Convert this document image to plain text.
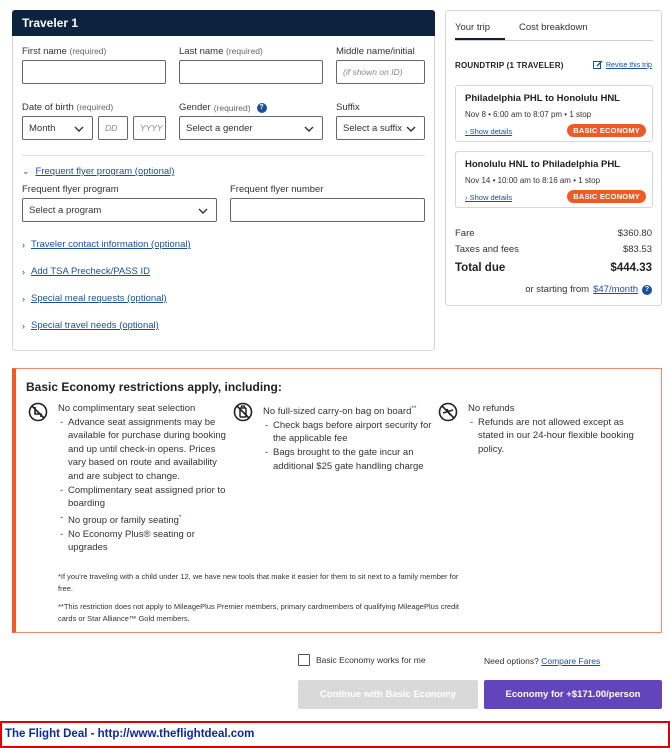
Traveler 1
First name (required)	Last name (required)	Middle name/initial
(if shown on ID)
Date of birth (required)	Gender (required)	?	Suffix
Month	DD	YYYY Select a gender	Select a suffix
⌄ Frequent flyer program (optional)
Frequent flyer program	Frequent flyer number
Select a program
› Traveler contact information (optional)
› Add TSA Precheck/PASS ID
› Special meal requests (optional)
› Special travel needs (optional)
Your trip	Cost breakdown
ROUNDTRIP (1 TRAVELER)	Revise this trip
Philadelphia PHL to Honolulu HNL
Nov 8 • 6:00 am to 8:07 pm • 1 stop
› Show details	BASIC ECONOMY
Honolulu HNL to Philadelphia PHL
Nov 14 • 10:00 am to 8:16 am • 1 stop
› Show details	BASIC ECONOMY
Fare	$360.80
Taxes and fees	$83.53
Total due	$444.33
or starting from $47/month ?
Basic Economy restrictions apply, including:
No complimentary seat selection
- Advance seat assignments may be available for purchase during booking and up until check-in opens. Prices vary based on route and availability and are subject to change.
- Complimentary seat assigned prior to boarding
- No group or family seating*
- No Economy Plus® seating or upgrades
No full-sized carry-on bag on board**
- Check bags before airport security for the applicable fee
- Bags brought to the gate incur an additional $25 gate handling charge
No refunds
- Refunds are not allowed except as stated in our 24-hour flexible booking policy.
*If you're traveling with a child under 12, we have new tools that make it easier for them to sit next to a family member for free.
**This restriction does not apply to MileagePlus Premier members, primary cardmembers of qualifying MileagePlus credit cards or Star Alliance™ Gold members.
Basic Economy works for me	Need options? Compare Fares
Continue with Basic Economy	Economy for +$171.00/person
The Flight Deal - http://www.theflightdeal.com
